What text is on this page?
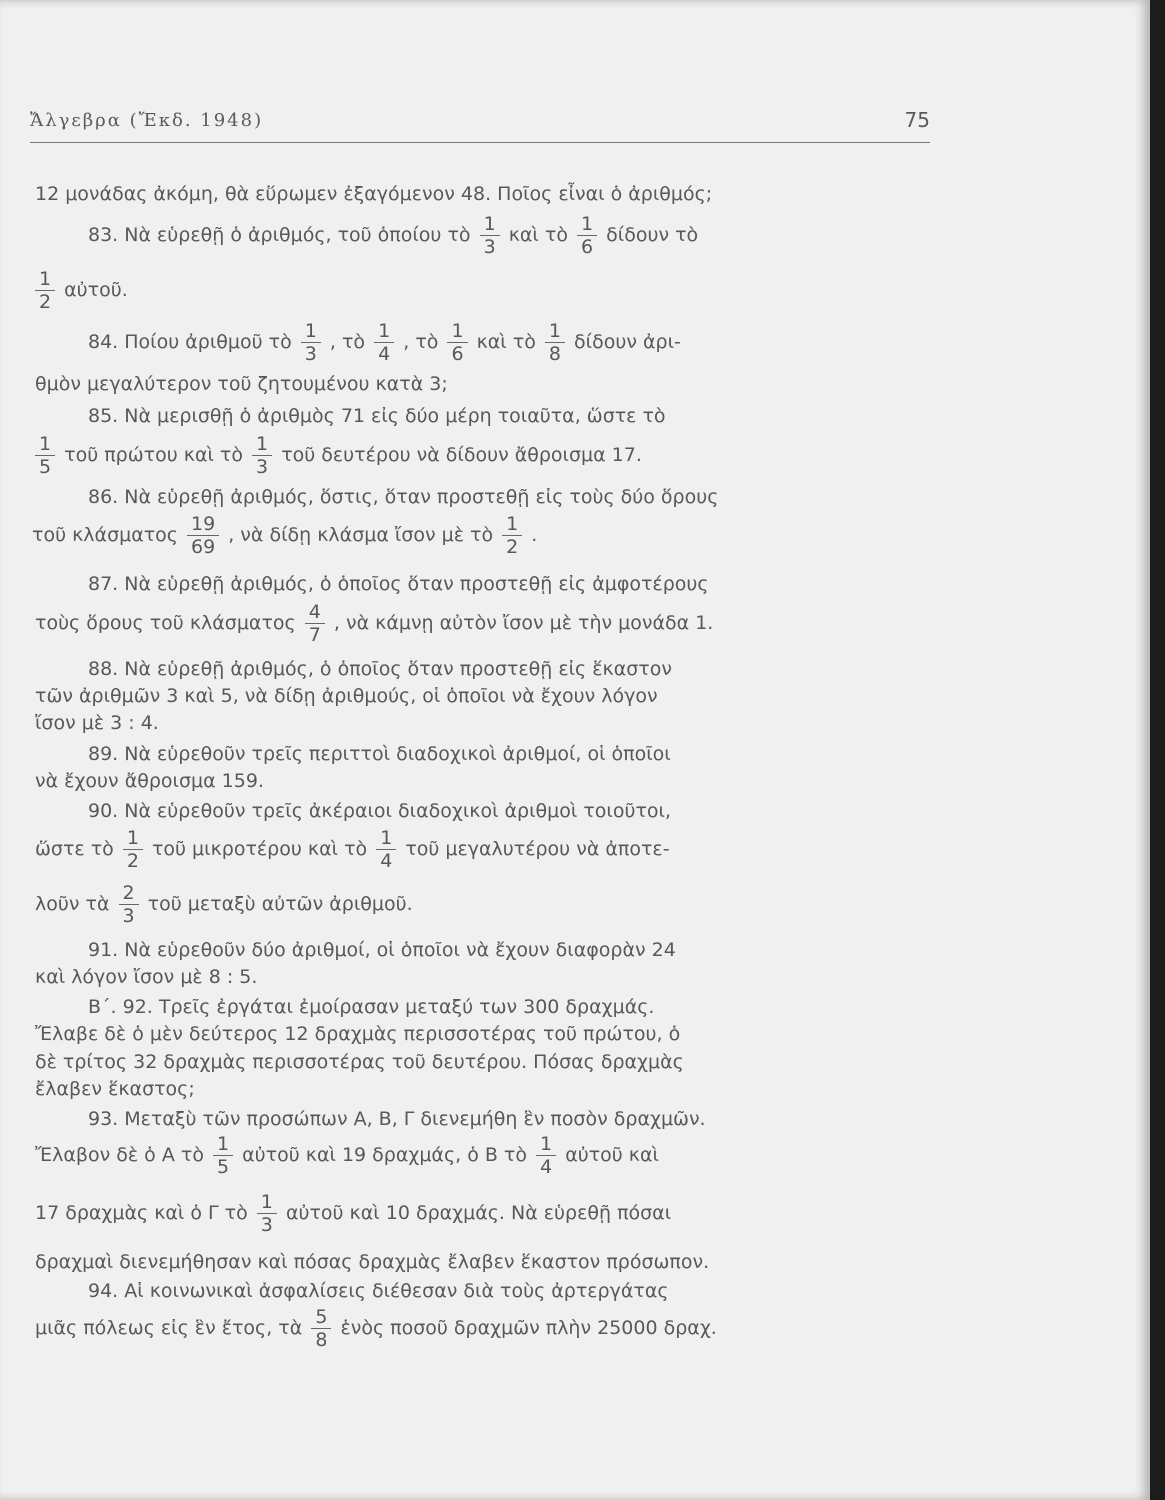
Ἄλγεβρα (Ἔκδ. 1948)	75
12 μονάδας ἀκόμη, θὰ εὕρωμεν ἐξαγόμενον 48. Ποῖος εἶναι ὁ ἀριθμός;
83. Νὰ εὑρεθῇ ὁ ἀριθμός, τοῦ ὁποίου τὸ $\frac{1}{3}$ καὶ τὸ $\frac{1}{6}$ δίδουν τὸ
$\frac{1}{2}$ αὐτοῦ.
84. Ποίου ἀριθμοῦ τὸ $\frac{1}{3}$ , τὸ $\frac{1}{4}$ , τὸ $\frac{1}{6}$ καὶ τὸ $\frac{1}{8}$ δίδουν ἀρι-
θμὸν μεγαλύτερον τοῦ ζητουμένου κατὰ 3;
85. Νὰ μερισθῇ ὁ ἀριθμὸς 71 εἰς δύο μέρη τοιαῦτα, ὥστε τὸ
$\frac{1}{5}$ τοῦ πρώτου καὶ τὸ $\frac{1}{3}$ τοῦ δευτέρου νὰ δίδουν ἄθροισμα 17.
86. Νὰ εὑρεθῇ ἀριθμός, ὅστις, ὅταν προστεθῇ εἰς τοὺς δύο ὅρους
τοῦ κλάσματος $\frac{19}{69}$ , νὰ δίδῃ κλάσμα ἴσον μὲ τὸ $\frac{1}{2}$ .
87. Νὰ εὑρεθῇ ἀριθμός, ὁ ὁποῖος ὅταν προστεθῇ εἰς ἀμφοτέρους
τοὺς ὅρους τοῦ κλάσματος $\frac{4}{7}$ , νὰ κάμνῃ αὐτὸν ἴσον μὲ τὴν μονάδα 1.
88. Νὰ εὑρεθῇ ἀριθμός, ὁ ὁποῖος ὅταν προστεθῇ εἰς ἕκαστον
τῶν ἀριθμῶν 3 καὶ 5, νὰ δίδῃ ἀριθμούς, οἱ ὁποῖοι νὰ ἔχουν λόγον
ἴσον μὲ 3 : 4.
89. Νὰ εὑρεθοῦν τρεῖς περιττοὶ διαδοχικοὶ ἀριθμοί, οἱ ὁποῖοι
νὰ ἔχουν ἄθροισμα 159.
90. Νὰ εὑρεθοῦν τρεῖς ἀκέραιοι διαδοχικοὶ ἀριθμοὶ τοιοῦτοι,
ὥστε τὸ $\frac{1}{2}$ τοῦ μικροτέρου καὶ τὸ $\frac{1}{4}$ τοῦ μεγαλυτέρου νὰ ἀποτε-
λοῦν τὰ $\frac{2}{3}$ τοῦ μεταξὺ αὐτῶν ἀριθμοῦ.
91. Νὰ εὑρεθοῦν δύο ἀριθμοί, οἱ ὁποῖοι νὰ ἔχουν διαφορὰν 24
καὶ λόγον ἴσον μὲ 8 : 5.
Β΄. 92. Τρεῖς ἐργάται ἐμοίρασαν μεταξύ των 300 δραχμάς.
Ἔλαβε δὲ ὁ μὲν δεύτερος 12 δραχμὰς περισσοτέρας τοῦ πρώτου, ὁ
δὲ τρίτος 32 δραχμὰς περισσοτέρας τοῦ δευτέρου. Πόσας δραχμὰς
ἔλαβεν ἕκαστος;
93. Μεταξὺ τῶν προσώπων Α, Β, Γ διενεμήθη ἓν ποσὸν δραχμῶν.
Ἔλαβον δὲ ὁ Α τὸ $\frac{1}{5}$ αὐτοῦ καὶ 19 δραχμάς, ὁ Β τὸ $\frac{1}{4}$ αὐτοῦ καὶ
17 δραχμὰς καὶ ὁ Γ τὸ $\frac{1}{3}$ αὐτοῦ καὶ 10 δραχμάς. Νὰ εὑρεθῇ πόσαι
δραχμαὶ διενεμήθησαν καὶ πόσας δραχμὰς ἔλαβεν ἕκαστον πρόσωπον.
94. Αἱ κοινωνικαὶ ἀσφαλίσεις διέθεσαν διὰ τοὺς ἀρτεργάτας
μιᾶς πόλεως εἰς ἓν ἔτος, τὰ $\frac{5}{8}$ ἑνὸς ποσοῦ δραχμῶν πλὴν 25000 δραχ.
